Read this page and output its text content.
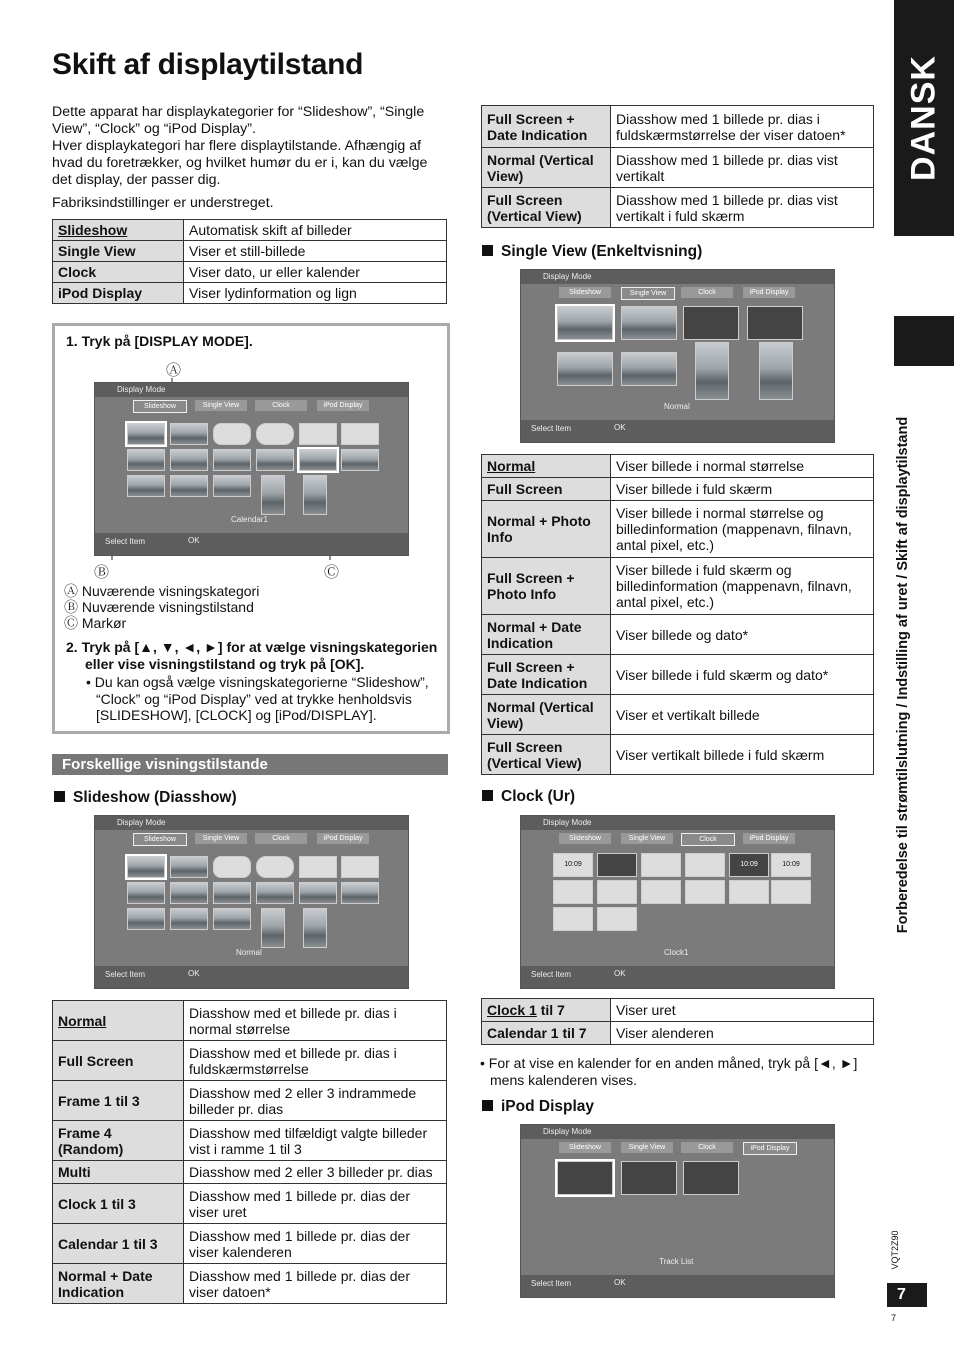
DANSK
Forberedelse til strømtilslutning / Indstilling af uret / Skift af displaytilstand
VQT2Z90
7
7
Skift af displaytilstand

Dette apparat har displaykategorier for “Slideshow”, “Single View”, “Clock” og “iPod Display”.

Hver displaykategori har flere displaytilstande. Afhængig af hvad du foretrækker, og hvilket humør du er i, kan du vælge det display, der passer dig.

Fabriksindstillinger er understreget.

Slideshow	Automatisk skift af billeder
Single View	Viser et still-billede
Clock	Viser dato, ur eller kalender
iPod Display	Viser lydinformation og lign
1. Tryk på [DISPLAY MODE].
Ⓐ
Ⓑ	Ⓒ
Display Mode
Slideshow	Single View	Clock	iPod Display
Calendar1
Select Item	OK
Ⓐ Nuværende visningskategori
Ⓑ Nuværende visningstilstand
Ⓒ Markør
2. Tryk på [▲, ▼, ◄, ►] for at vælge visningskategorien eller vise visningstilstand og tryk på [OK].
• Du kan også vælge visningskategorierne “Slideshow”, “Clock” og “iPod Display” ved at trykke henholdsvis [SLIDESHOW], [CLOCK] og [iPod/DISPLAY].
Forskellige visningstilstande
Slideshow (Diasshow)
Display Mode
Slideshow	Single View	Clock	iPod Display
Normal
Select Item	OK
Normal	Diasshow med et billede pr. dias i normal størrelse
Full Screen	Diasshow med et billede pr. dias i fuldskærmstørrelse
Frame 1 til 3	Diasshow med 2 eller 3 indrammede billeder pr. dias
Frame 4 (Random)	Diasshow med tilfældigt valgte billeder vist i ramme 1 til 3
Multi	Diasshow med 2 eller 3 billeder pr. dias
Clock 1 til 3	Diasshow med 1 billede pr. dias der viser uret
Calendar 1 til 3	Diasshow med 1 billede pr. dias der viser kalenderen
Normal + Date Indication	Diasshow med 1 billede pr. dias der viser datoen*
Full Screen + Date Indication	Diasshow med 1 billede pr. dias i fuldskærmstørrelse der viser datoen*
Normal (Vertical View)	Diasshow med 1 billede pr. dias vist vertikalt
Full Screen (Vertical View)	Diasshow med 1 billede pr. dias vist vertikalt i fuld skærm
Single View (Enkeltvisning)
Display Mode
Slideshow	Single View	Clock	iPod Display
Normal
Select Item	OK
Normal	Viser billede i normal størrelse
Full Screen	Viser billede i fuld skærm
Normal + Photo Info	Viser billede i normal størrelse og billedinformation (mappenavn, filnavn, antal pixel, etc.)
Full Screen + Photo Info	Viser billede i fuld skærm og billedinformation (mappenavn, filnavn, antal pixel, etc.)
Normal + Date Indication	Viser billede og dato*
Full Screen + Date Indication	Viser billede i fuld skærm og dato*
Normal (Vertical View)	Viser et vertikalt billede
Full Screen (Vertical View)	Viser vertikalt billede i fuld skærm
Clock (Ur)
Display Mode
Slideshow	Single View	Clock	iPod Display
10:09	10:09	10:09
Clock1
Select Item	OK
Clock 1 til 7	Viser uret
Calendar 1 til 7	Viser alenderen
• For at vise en kalender for en anden måned, tryk på [◄, ►] mens kalenderen vises.
iPod Display
Display Mode
Slideshow	Single View	Clock	iPod Display
Track List
Select Item	OK
